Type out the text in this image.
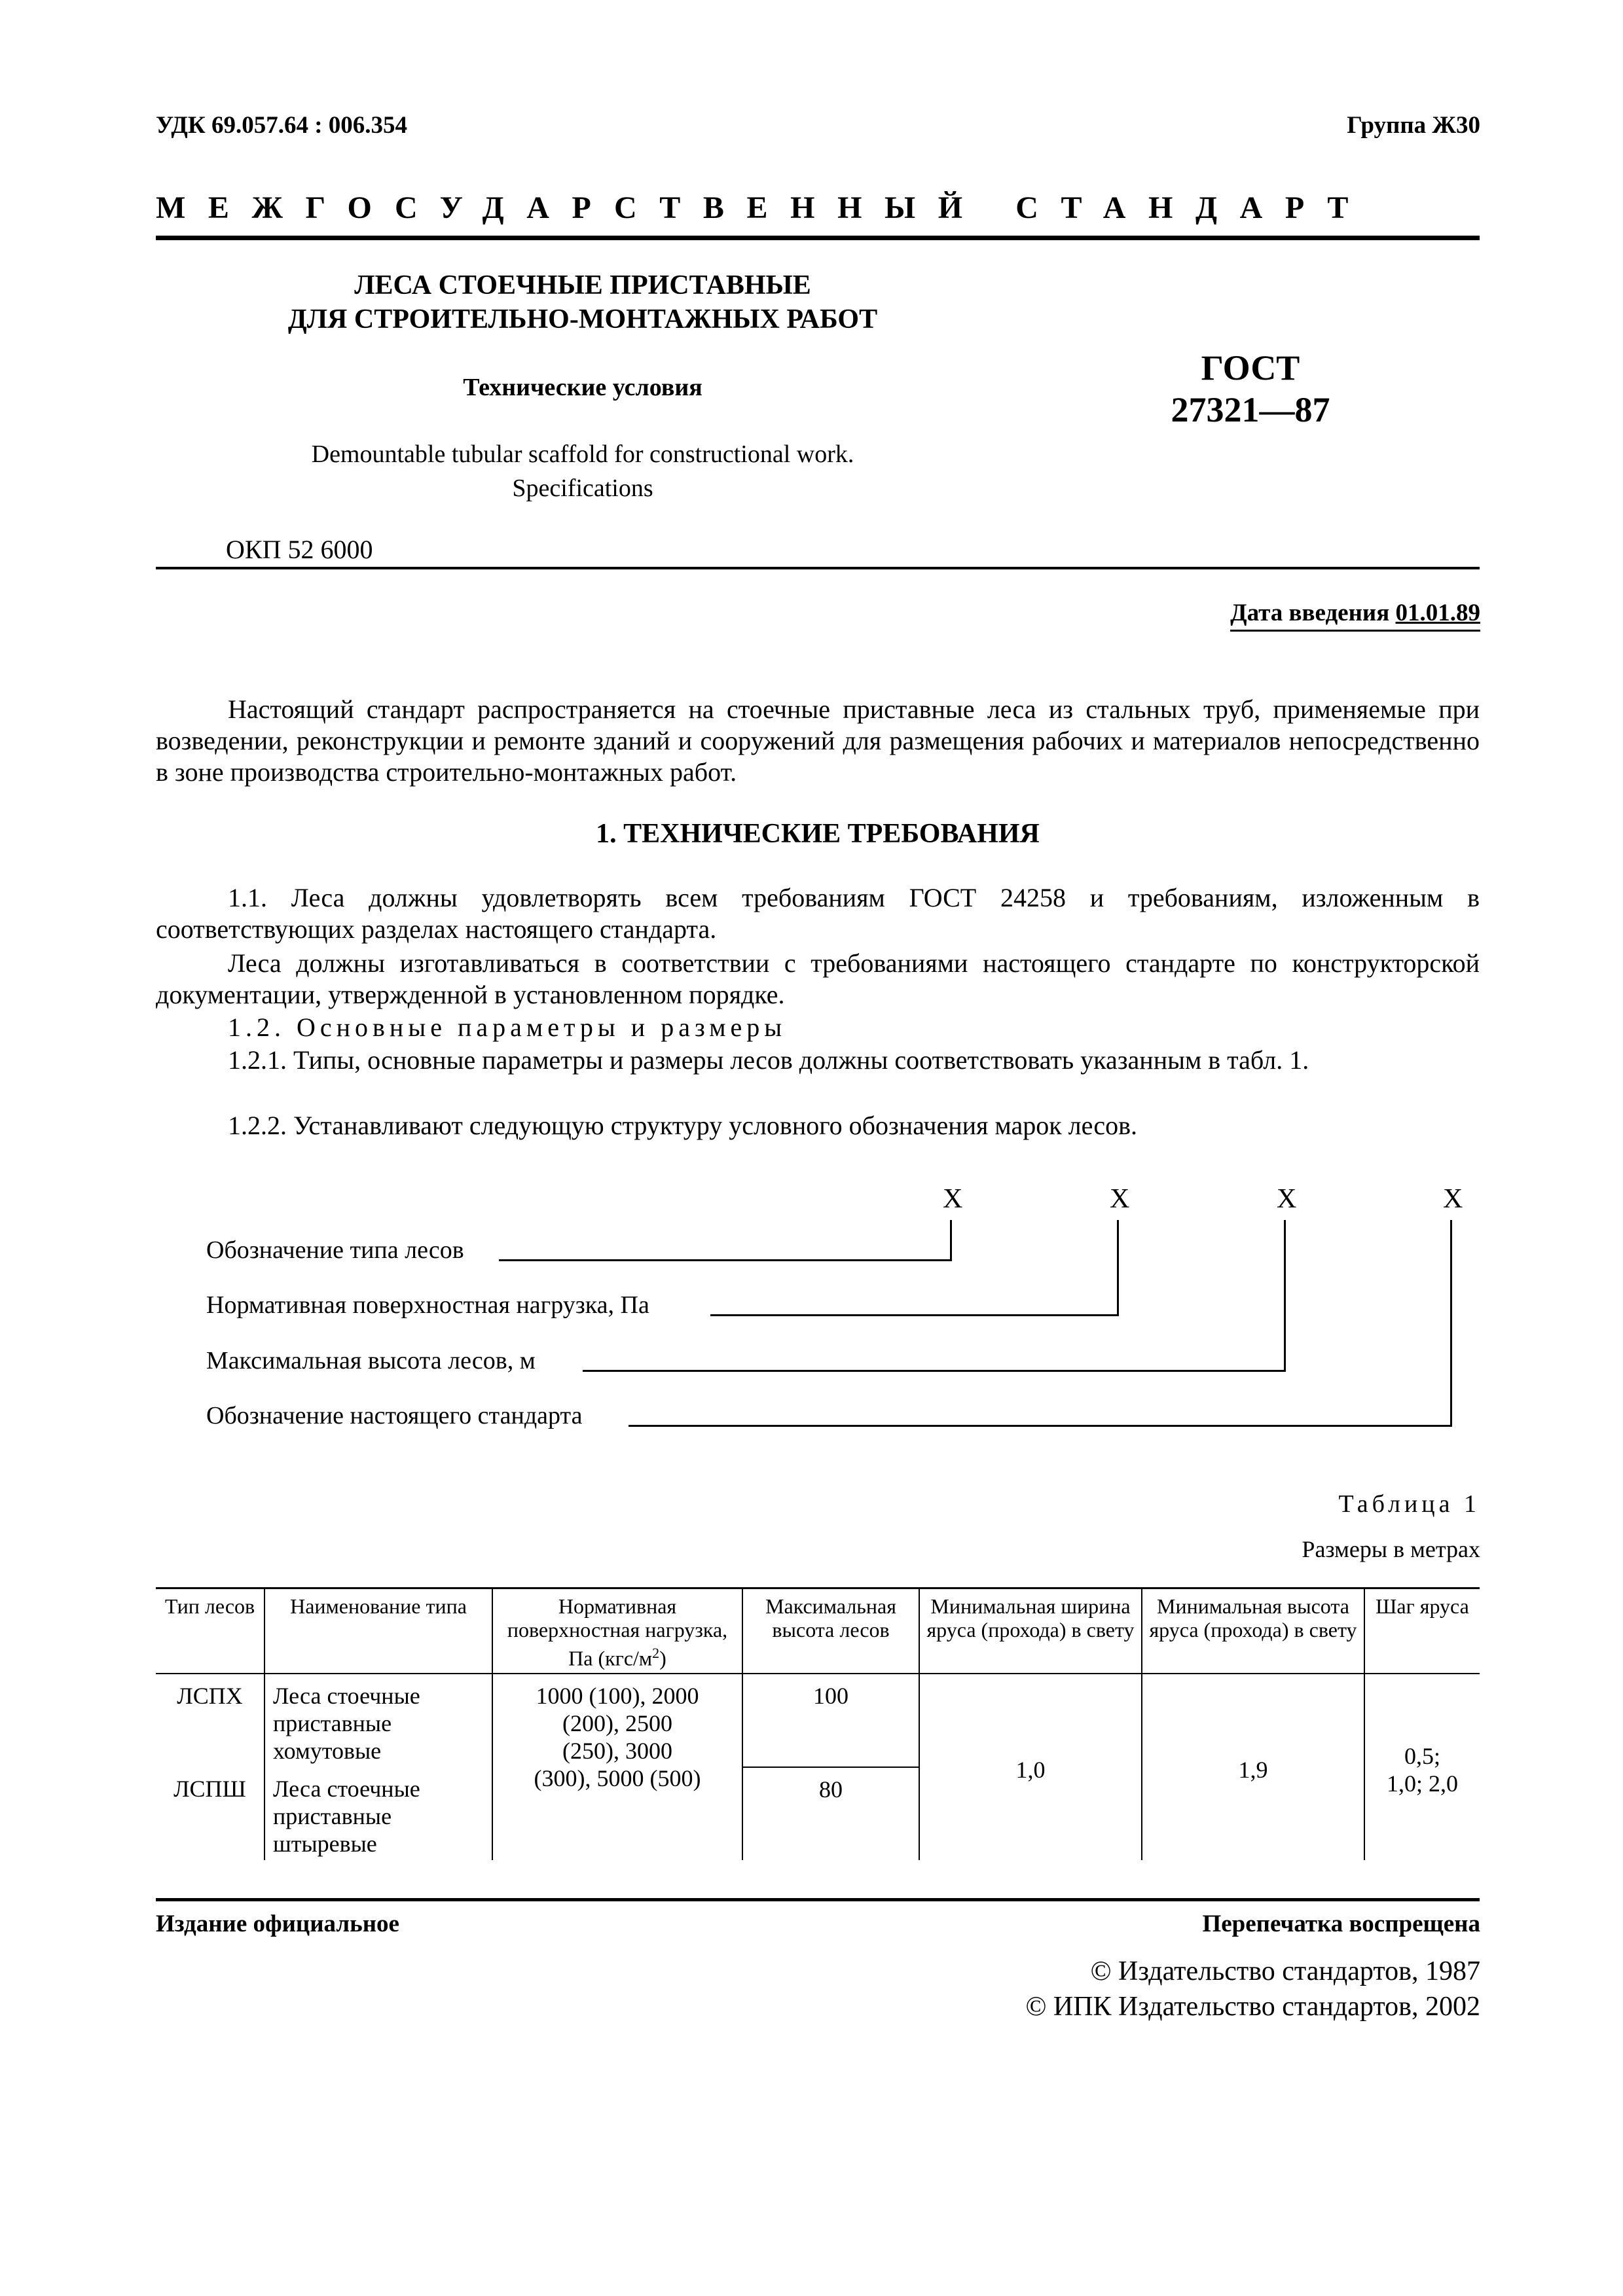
УДК 69.057.64 : 006.354	Группа Ж30
МЕЖГОСУДАРСТВЕННЫЙ СТАНДАРТ
ЛЕСА СТОЕЧНЫЕ ПРИСТАВНЫЕ
ДЛЯ СТРОИТЕЛЬНО-МОНТАЖНЫХ РАБОТ
Технические условия
Demountable tubular scaffold for constructional work.
Specifications
ГОСТ
27321—87
ОКП 52 6000
Дата введения 01.01.89

Настоящий стандарт распространяется на стоечные приставные леса из стальных труб, применяемые при возведении, реконструкции и ремонте зданий и сооружений для размещения рабочих и материалов непосредственно в зоне производства строительно-монтажных работ.

1. ТЕХНИЧЕСКИЕ ТРЕБОВАНИЯ

1.1. Леса должны удовлетворять всем требованиям ГОСТ 24258 и требованиям, изложенным в соответствующих разделах настоящего стандарта.

Леса должны изготавливаться в соответствии с требованиями настоящего стандарте по конструкторской документации, утвержденной в установленном порядке.

1.2. Основные параметры и размеры

1.2.1. Типы, основные параметры и размеры лесов должны соответствовать указанным в табл. 1.

1.2.2. Устанавливают следующую структуру условного обозначения марок лесов.

X	X	X	X
Обозначение типа лесов
Нормативная поверхностная нагрузка, Па
Максимальная высота лесов, м
Обозначение настоящего стандарта
Таблица 1
Размеры в метрах
Тип лесов	Наименование типа	Нормативная поверхностная нагрузка, Па $(кгс/м^2)$	Максимальная высота лесов	Минимальная ширина яруса (прохода) в свету	Минимальная высота яруса (прохода) в свету	Шаг яруса
ЛСПХ	Леса стоечные приставные хомутовые	1000 (100), 2000 (200), 2500 (250), 3000 (300), 5000 (500)	100	1,0	1,9	0,5; 1,0; 2,0
ЛСПШ	Леса стоечные приставные штыревые		80			
Издание официальное	Перепечатка воспрещена
© Издательство стандартов, 1987
© ИПК Издательство стандартов, 2002
